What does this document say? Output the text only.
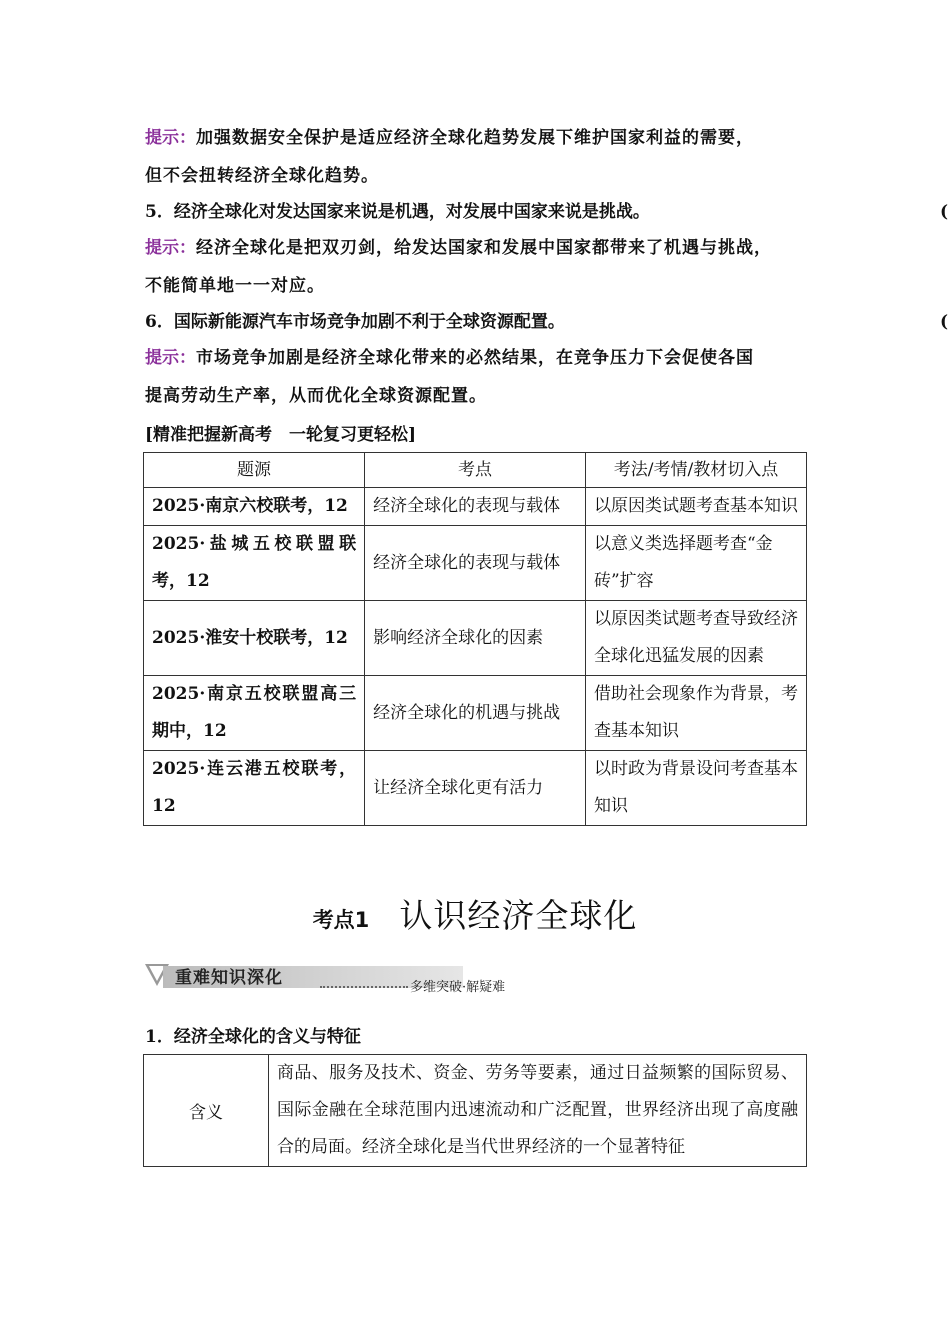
提示：加强数据安全保护是适应经济全球化趋势发展下维护国家利益的需要，
但不会扭转经济全球化趋势。
5．经济全球化对发达国家来说是机遇，对发展中国家来说是挑战。	(
提示：经济全球化是把双刃剑，给发达国家和发展中国家都带来了机遇与挑战，
不能简单地一一对应。
6．国际新能源汽车市场竞争加剧不利于全球资源配置。	(
提示：市场竞争加剧是经济全球化带来的必然结果，在竞争压力下会促使各国
提高劳动生产率，从而优化全球资源配置。
[精准把握新高考　一轮复习更轻松]
题源	考点	考法/考情/教材切入点
2025·南京六校联考，12	经济全球化的表现与载体	以原因类试题考查基本知识
2025·盐城五校联盟联考，12	经济全球化的表现与载体	以意义类选择题考查“金砖”扩容
2025·淮安十校联考，12	影响经济全球化的因素	以原因类试题考查导致经济全球化迅猛发展的因素
2025·南京五校联盟高三期中，12	经济全球化的机遇与挑战	借助社会现象作为背景，考查基本知识
2025·连云港五校联考，12	让经济全球化更有活力	以时政为背景设问考查基本知识
考点1 认识经济全球化
重难知识深化	多维突破·解疑难
1．经济全球化的含义与特征
含义	商品、服务及技术、资金、劳务等要素，通过日益频繁的国际贸易、国际金融在全球范围内迅速流动和广泛配置，世界经济出现了高度融合的局面。经济全球化是当代世界经济的一个显著特征
